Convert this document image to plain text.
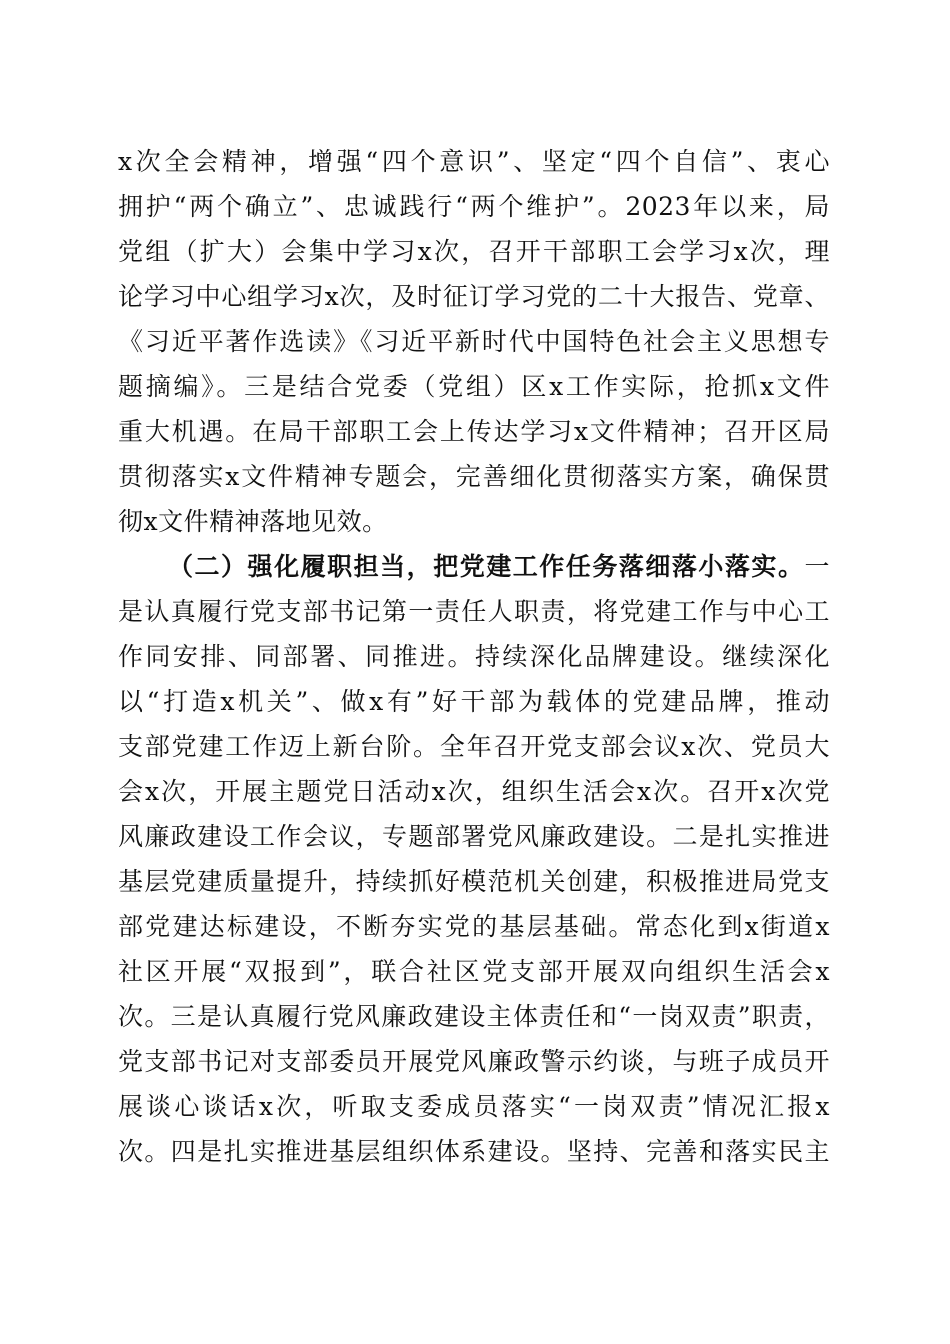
x次全会精神，增强“四个意识”、坚定“四个自信”、衷心
拥护“两个确立”、忠诚践行“两个维护”。2023年以来，局
党组（扩大）会集中学习x次，召开干部职工会学习x次，理
论学习中心组学习x次，及时征订学习党的二十大报告、党章、
《习近平著作选读》《习近平新时代中国特色社会主义思想专
题摘编》。三是结合党委（党组）区x工作实际，抢抓x文件
重大机遇。在局干部职工会上传达学习x文件精神；召开区局
贯彻落实x文件精神专题会，完善细化贯彻落实方案，确保贯
彻x文件精神落地见效。
（二）强化履职担当，把党建工作任务落细落小落实。一
是认真履行党支部书记第一责任人职责，将党建工作与中心工
作同安排、同部署、同推进。持续深化品牌建设。继续深化
以“打造x机关”、做x有”好干部为载体的党建品牌，推动
支部党建工作迈上新台阶。全年召开党支部会议x次、党员大
会x次，开展主题党日活动x次，组织生活会x次。召开x次党
风廉政建设工作会议，专题部署党风廉政建设。二是扎实推进
基层党建质量提升，持续抓好模范机关创建，积极推进局党支
部党建达标建设，不断夯实党的基层基础。常态化到x街道x
社区开展“双报到”，联合社区党支部开展双向组织生活会x
次。三是认真履行党风廉政建设主体责任和“一岗双责”职责，
党支部书记对支部委员开展党风廉政警示约谈，与班子成员开
展谈心谈话x次，听取支委成员落实“一岗双责”情况汇报x
次。四是扎实推进基层组织体系建设。坚持、完善和落实民主
